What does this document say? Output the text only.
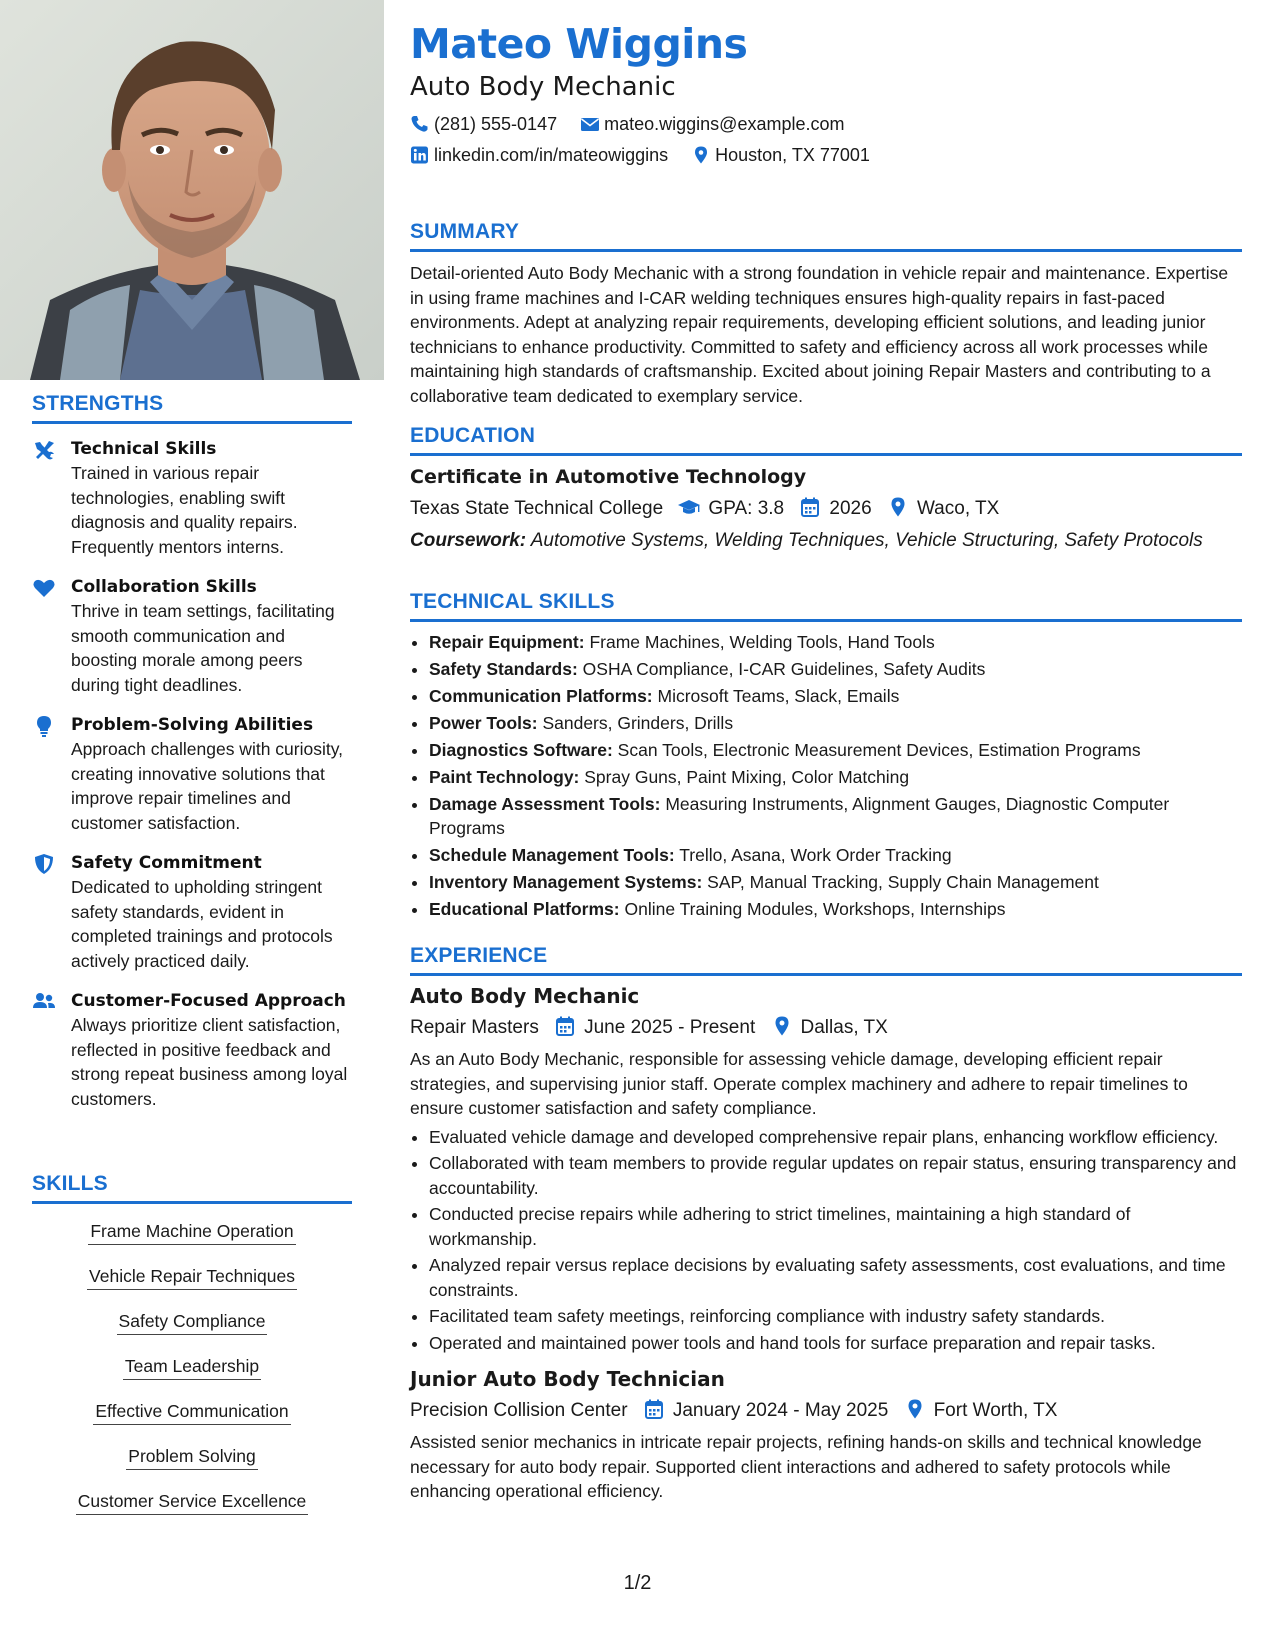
STRENGTHS
Technical Skills
Trained in various repair technologies, enabling swift diagnosis and quality repairs. Frequently mentors interns.
Collaboration Skills
Thrive in team settings, facilitating smooth communication and boosting morale among peers during tight deadlines.
Problem-Solving Abilities
Approach challenges with curiosity, creating innovative solutions that improve repair timelines and customer satisfaction.
Safety Commitment
Dedicated to upholding stringent safety standards, evident in completed trainings and protocols actively practiced daily.
Customer-Focused Approach
Always prioritize client satisfaction, reflected in positive feedback and strong repeat business among loyal customers.
SKILLS
Frame Machine Operation
Vehicle Repair Techniques
Safety Compliance
Team Leadership
Effective Communication
Problem Solving
Customer Service Excellence
Mateo Wiggins
Auto Body Mechanic
(281) 555-0147	mateo.wiggins@example.com
linkedin.com/in/mateowiggins	Houston, TX 77001
SUMMARY
Detail-oriented Auto Body Mechanic with a strong foundation in vehicle repair and maintenance. Expertise in using frame machines and I-CAR welding techniques ensures high-quality repairs in fast-paced environments. Adept at analyzing repair requirements, developing efficient solutions, and leading junior technicians to enhance productivity. Committed to safety and efficiency across all work processes while maintaining high standards of craftsmanship. Excited about joining Repair Masters and contributing to a collaborative team dedicated to exemplary service.
EDUCATION
Certificate in Automotive Technology
Texas State Technical College GPA: 3.8 2026 Waco, TX
Coursework: Automotive Systems, Welding Techniques, Vehicle Structuring, Safety Protocols
TECHNICAL SKILLS
• Repair Equipment: Frame Machines, Welding Tools, Hand Tools
• Safety Standards: OSHA Compliance, I-CAR Guidelines, Safety Audits
• Communication Platforms: Microsoft Teams, Slack, Emails
• Power Tools: Sanders, Grinders, Drills
• Diagnostics Software: Scan Tools, Electronic Measurement Devices, Estimation Programs
• Paint Technology: Spray Guns, Paint Mixing, Color Matching
• Damage Assessment Tools: Measuring Instruments, Alignment Gauges, Diagnostic Computer Programs
• Schedule Management Tools: Trello, Asana, Work Order Tracking
• Inventory Management Systems: SAP, Manual Tracking, Supply Chain Management
• Educational Platforms: Online Training Modules, Workshops, Internships
EXPERIENCE
Auto Body Mechanic
Repair Masters June 2025 - Present Dallas, TX
As an Auto Body Mechanic, responsible for assessing vehicle damage, developing efficient repair strategies, and supervising junior staff. Operate complex machinery and adhere to repair timelines to ensure customer satisfaction and safety compliance.
• Evaluated vehicle damage and developed comprehensive repair plans, enhancing workflow efficiency.
• Collaborated with team members to provide regular updates on repair status, ensuring transparency and accountability.
• Conducted precise repairs while adhering to strict timelines, maintaining a high standard of workmanship.
• Analyzed repair versus replace decisions by evaluating safety assessments, cost evaluations, and time constraints.
• Facilitated team safety meetings, reinforcing compliance with industry safety standards.
• Operated and maintained power tools and hand tools for surface preparation and repair tasks.
Junior Auto Body Technician
Precision Collision Center January 2024 - May 2025 Fort Worth, TX
Assisted senior mechanics in intricate repair projects, refining hands-on skills and technical knowledge necessary for auto body repair. Supported client interactions and adhered to safety protocols while enhancing operational efficiency.
1/2
